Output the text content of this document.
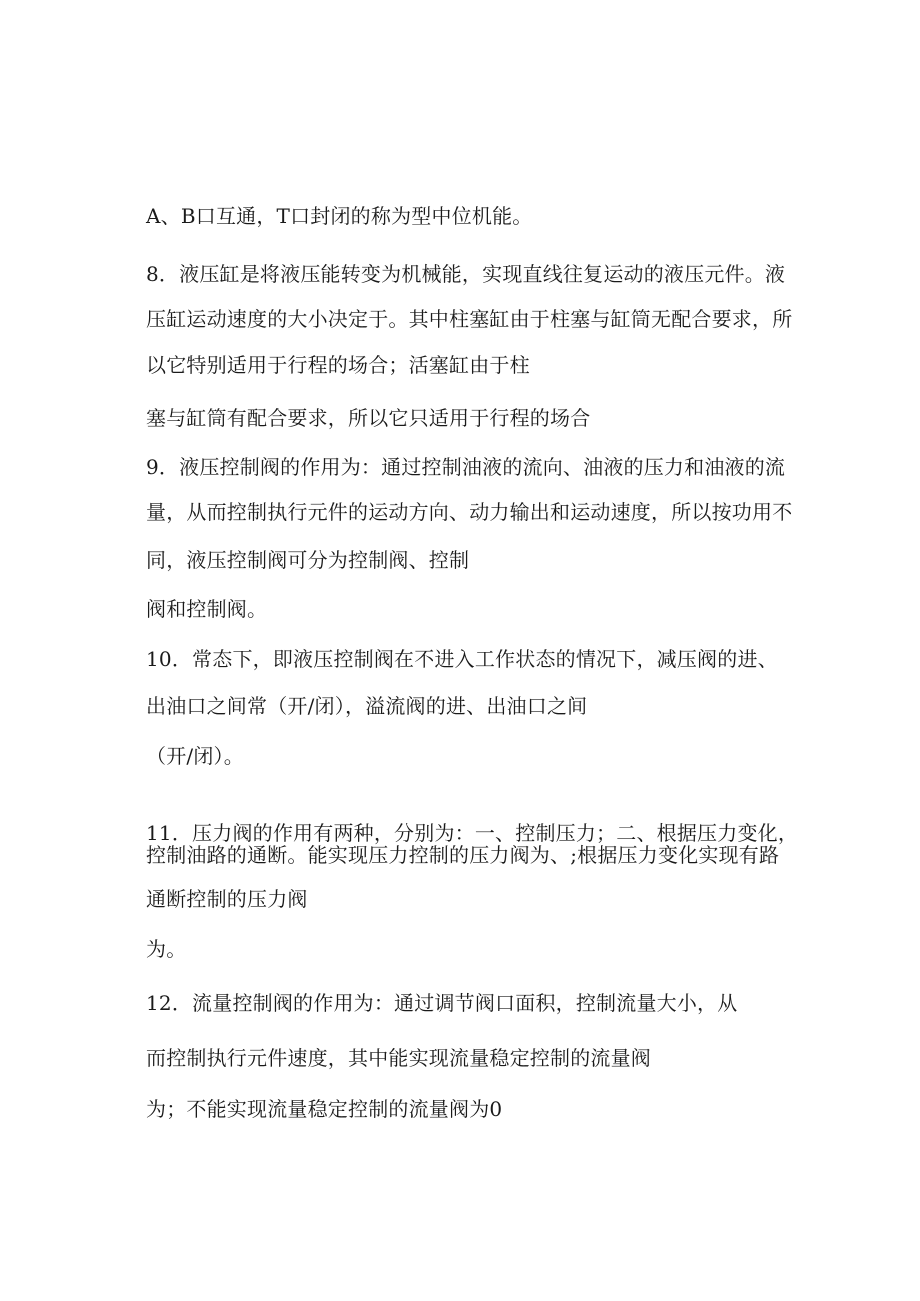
A、B口互通，T口封闭的称为型中位机能。
8．液压缸是将液压能转变为机械能，实现直线往复运动的液压元件。液
压缸运动速度的大小决定于。其中柱塞缸由于柱塞与缸筒无配合要求，所
以它特别适用于行程的场合；活塞缸由于柱
塞与缸筒有配合要求，所以它只适用于行程的场合
9．液压控制阀的作用为：通过控制油液的流向、油液的压力和油液的流
量，从而控制执行元件的运动方向、动力输出和运动速度，所以按功用不
同，液压控制阀可分为控制阀、控制
阀和控制阀。
10．常态下，即液压控制阀在不进入工作状态的情况下，减压阀的进、
出油口之间常（开/闭），溢流阀的进、出油口之间
（开/闭）。
11．压力阀的作用有两种，分别为：一、控制压力；二、根据压力变化，
控制油路的通断。能实现压力控制的压力阀为、;根据压力变化实现有路
通断控制的压力阀
为。
12．流量控制阀的作用为：通过调节阀口面积，控制流量大小，从
而控制执行元件速度，其中能实现流量稳定控制的流量阀
为；不能实现流量稳定控制的流量阀为0
